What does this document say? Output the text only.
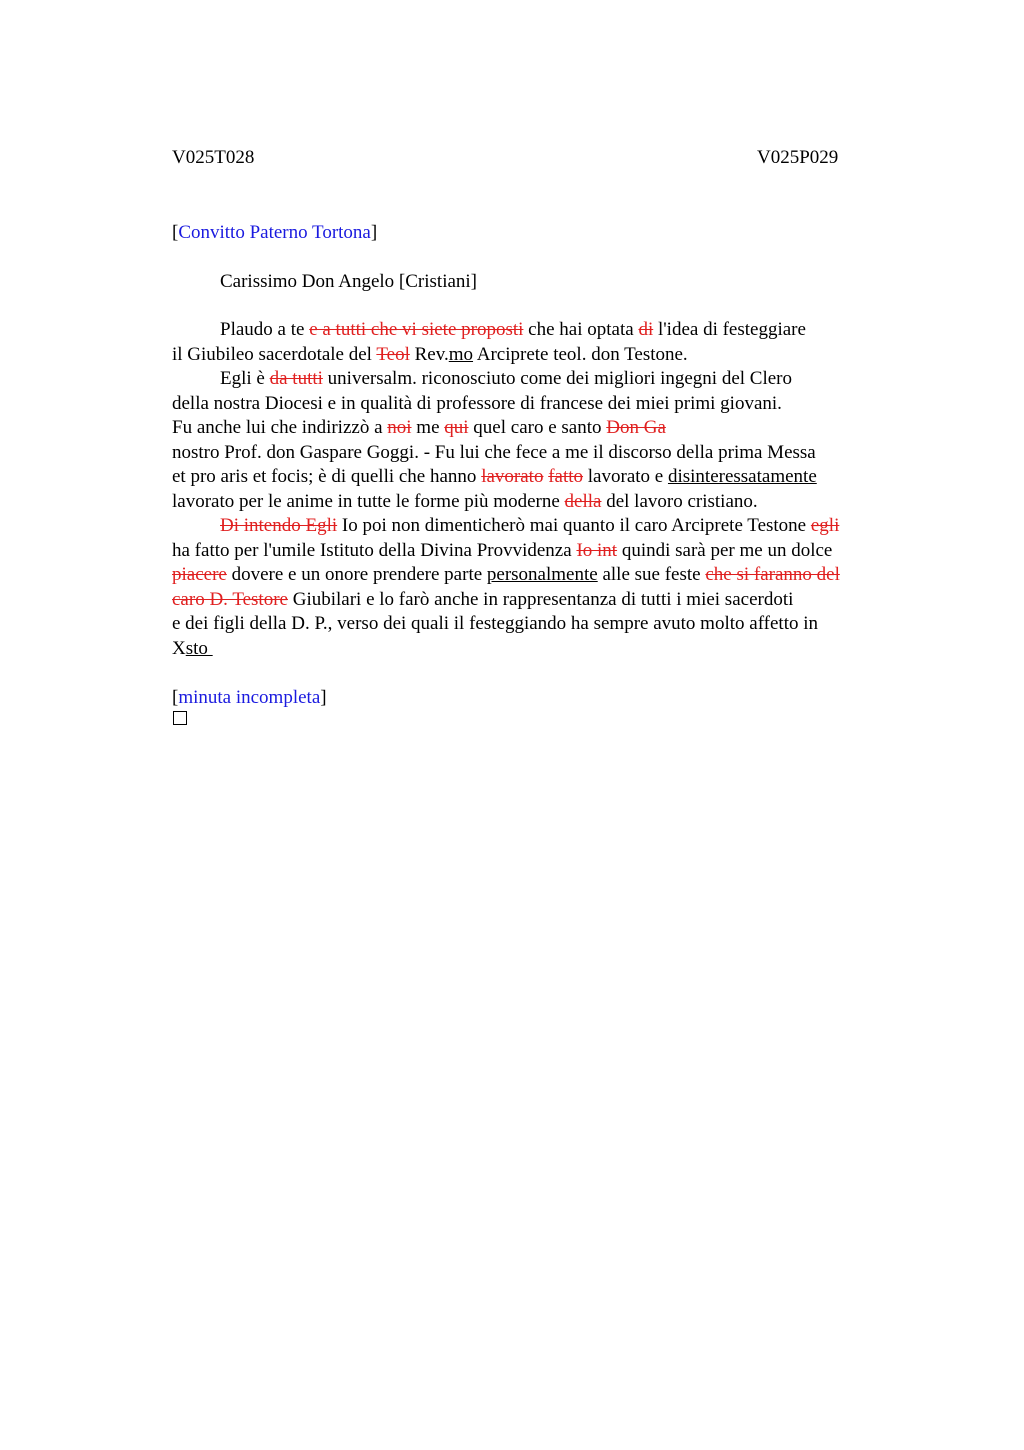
V025T028	V025P029
[Convitto Paterno Tortona]
Carissimo Don Angelo [Cristiani]
Plaudo a te e a tutti che vi siete proposti che hai optata di l'idea di festeggiare
il Giubileo sacerdotale del Teol Rev.mo Arciprete teol. don Testone.
Egli è da tutti universalm. riconosciuto come dei migliori ingegni del Clero
della nostra Diocesi e in qualità di professore di francese dei miei primi giovani.
Fu anche lui che indirizzò a noi me qui quel caro e santo Don Ga
nostro Prof. don Gaspare Goggi. - Fu lui che fece a me il discorso della prima Messa
et pro aris et focis; è di quelli che hanno lavorato fatto lavorato e disinteressatamente
lavorato per le anime in tutte le forme più moderne della del lavoro cristiano.
Di intendo Egli Io poi non dimenticherò mai quanto il caro Arciprete Testone egli
ha fatto per l'umile Istituto della Divina Provvidenza Io int quindi sarà per me un dolce
piacere dovere e un onore prendere parte personalmente alle sue feste che si faranno del
caro D. Testore Giubilari e lo farò anche in rappresentanza di tutti i miei sacerdoti
e dei figli della D. P., verso dei quali il festeggiando ha sempre avuto molto affetto in
Xsto
[minuta incompleta]
